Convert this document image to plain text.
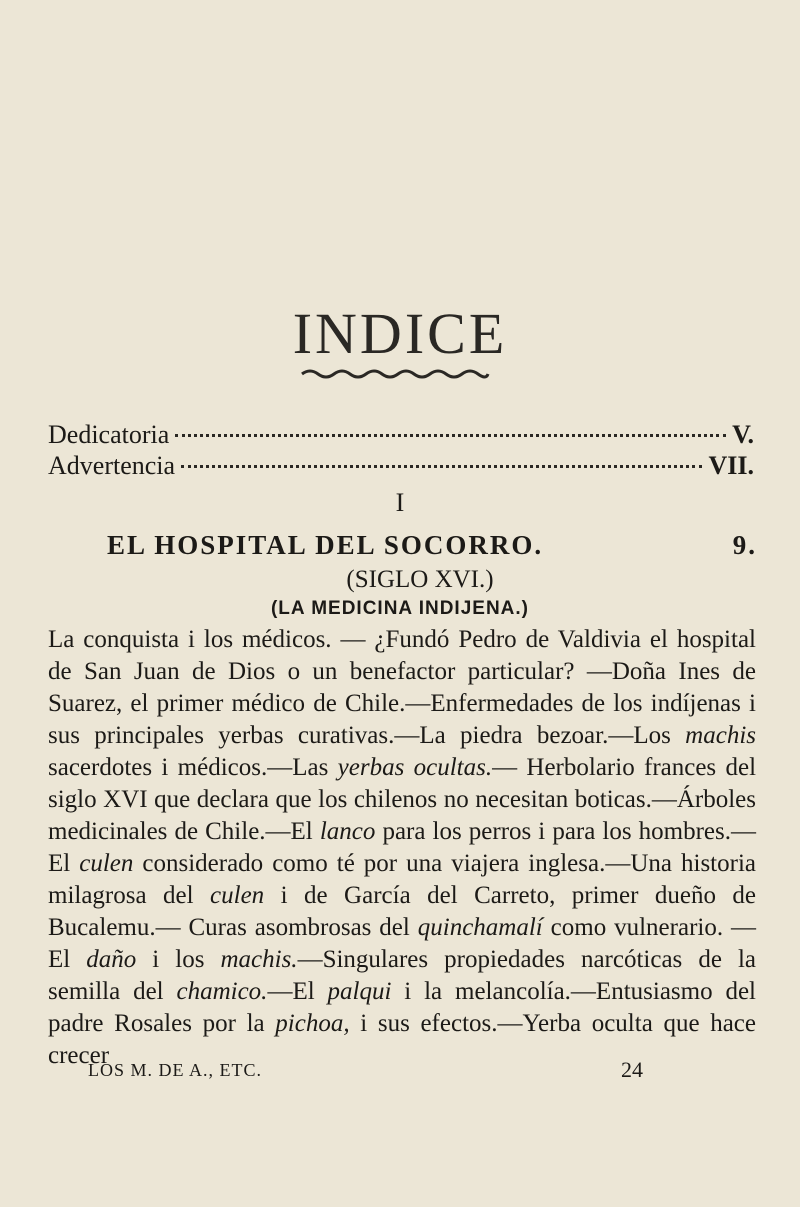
INDICE
Dedicatoria	V.
Advertencia	VII.
I
EL HOSPITAL DEL SOCORRO.	9.
(SIGLO XVI.)
(LA MEDICINA INDIJENA.)
La conquista i los médicos. — ¿Fundó Pedro de Valdivia el hospital de San Juan de Dios o un benefactor particular? —Doña Ines de Suarez, el primer médico de Chile.—Enfermedades de los indíjenas i sus principales yerbas curativas.—La piedra bezoar.—Los machis sacerdotes i médicos.—Las yerbas ocultas.— Herbolario frances del siglo XVI que declara que los chilenos no necesitan boticas.—Árboles medicinales de Chile.—El lanco para los perros i para los hombres.—El culen considerado como té por una viajera inglesa.—Una historia milagrosa del culen i de García del Carreto, primer dueño de Bucalemu.— Curas asombrosas del quinchamalí como vulnerario. —El daño i los machis.—Singulares propiedades narcóticas de la semilla del chamico.—El palqui i la melancolía.—Entusiasmo del padre Rosales por la pichoa, i sus efectos.—Yerba oculta que hace crecer
LOS M. DE A., ETC.	24
